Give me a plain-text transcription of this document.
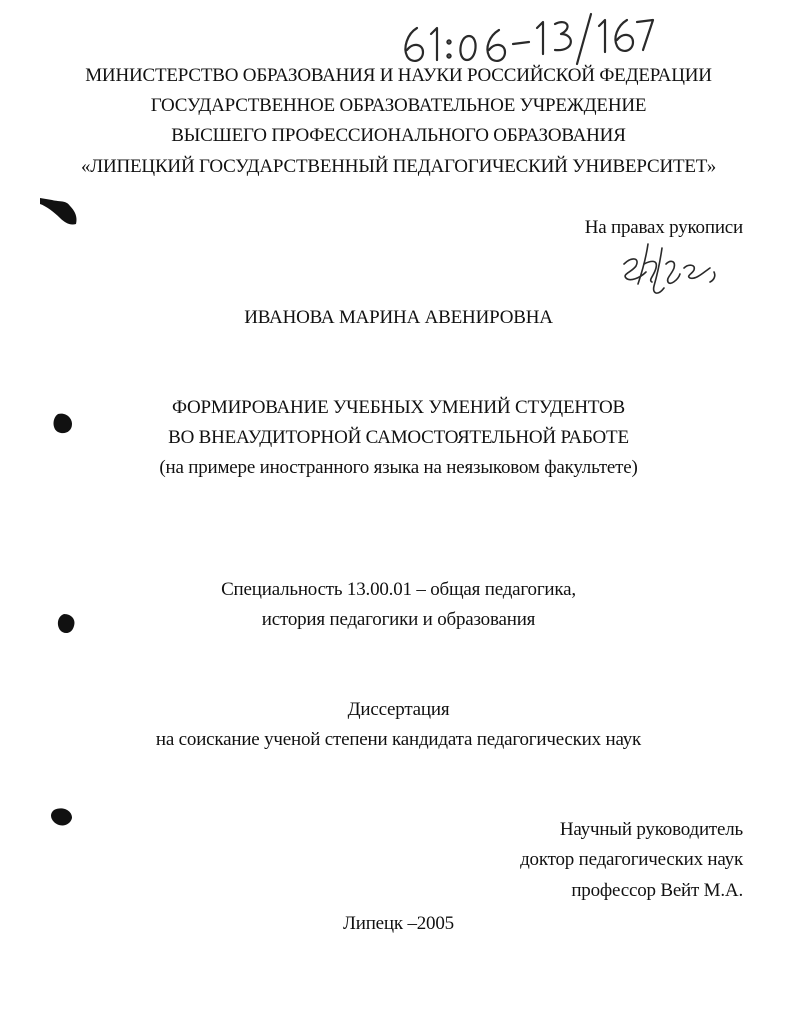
МИНИСТЕРСТВО ОБРАЗОВАНИЯ И НАУКИ РОССИЙСКОЙ ФЕДЕРАЦИИ
ГОСУДАРСТВЕННОЕ ОБРАЗОВАТЕЛЬНОЕ УЧРЕЖДЕНИЕ
ВЫСШЕГО ПРОФЕССИОНАЛЬНОГО ОБРАЗОВАНИЯ
«ЛИПЕЦКИЙ ГОСУДАРСТВЕННЫЙ ПЕДАГОГИЧЕСКИЙ УНИВЕРСИТЕТ»
На правах рукописи
ИВАНОВА МАРИНА АВЕНИРОВНА
ФОРМИРОВАНИЕ УЧЕБНЫХ УМЕНИЙ СТУДЕНТОВ
ВО ВНЕАУДИТОРНОЙ САМОСТОЯТЕЛЬНОЙ РАБОТЕ
(на примере иностранного языка на неязыковом факультете)
Специальность 13.00.01 – общая педагогика,
история педагогики и образования
Диссертация
на соискание ученой степени кандидата педагогических наук
Научный руководитель
доктор педагогических наук
профессор Вейт М.А.
Липецк –2005
